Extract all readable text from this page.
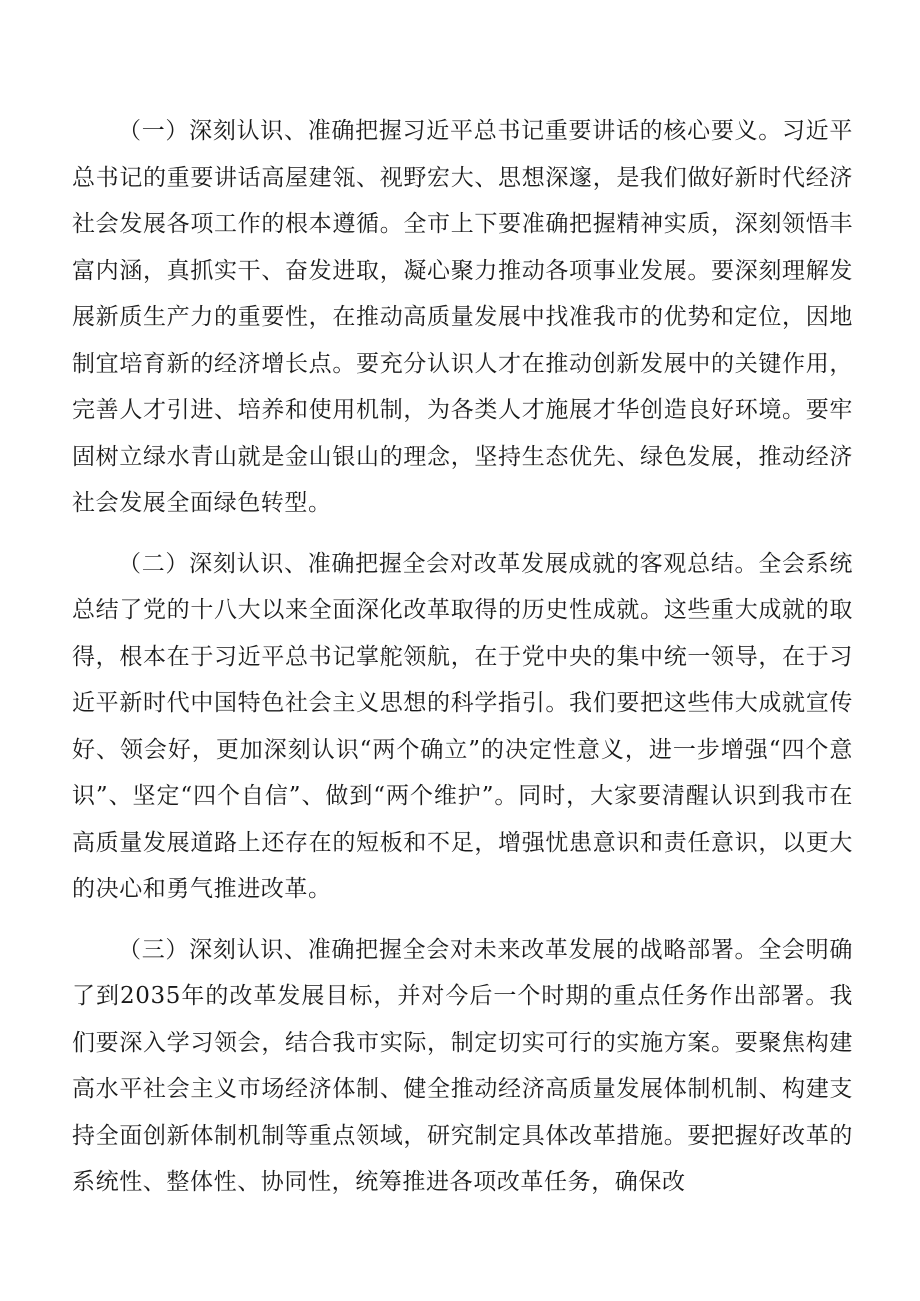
（一）深刻认识、准确把握习近平总书记重要讲话的核心要义。习近平总书记的重要讲话高屋建瓴、视野宏大、思想深邃，是我们做好新时代经济社会发展各项工作的根本遵循。全市上下要准确把握精神实质，深刻领悟丰富内涵，真抓实干、奋发进取，凝心聚力推动各项事业发展。要深刻理解发展新质生产力的重要性，在推动高质量发展中找准我市的优势和定位，因地制宜培育新的经济增长点。要充分认识人才在推动创新发展中的关键作用，完善人才引进、培养和使用机制，为各类人才施展才华创造良好环境。要牢固树立绿水青山就是金山银山的理念，坚持生态优先、绿色发展，推动经济社会发展全面绿色转型。

（二）深刻认识、准确把握全会对改革发展成就的客观总结。全会系统总结了党的十八大以来全面深化改革取得的历史性成就。这些重大成就的取得，根本在于习近平总书记掌舵领航，在于党中央的集中统一领导，在于习近平新时代中国特色社会主义思想的科学指引。我们要把这些伟大成就宣传好、领会好，更加深刻认识“两个确立”的决定性意义，进一步增强“四个意识”、坚定“四个自信”、做到“两个维护”。同时，大家要清醒认识到我市在高质量发展道路上还存在的短板和不足，增强忧患意识和责任意识，以更大的决心和勇气推进改革。

（三）深刻认识、准确把握全会对未来改革发展的战略部署。全会明确了到2035年的改革发展目标，并对今后一个时期的重点任务作出部署。我们要深入学习领会，结合我市实际，制定切实可行的实施方案。要聚焦构建高水平社会主义市场经济体制、健全推动经济高质量发展体制机制、构建支持全面创新体制机制等重点领域，研究制定具体改革措施。要把握好改革的系统性、整体性、协同性，统筹推进各项改革任务，确保改
